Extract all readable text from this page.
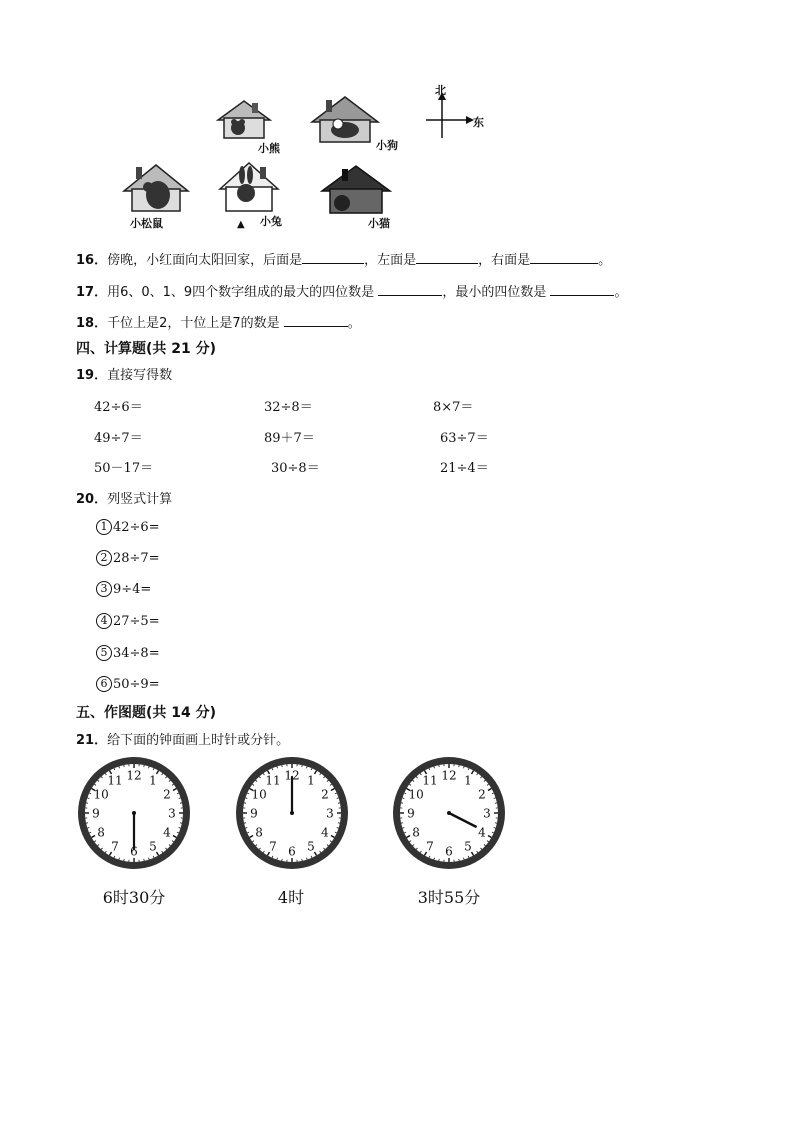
小熊	小狗
小松鼠	小兔
▲	小猫
北
东
16．傍晚，小红面向太阳回家，后面是	，左面是	，右面是	。
17．用6、0、1、9四个数字组成的最大的四位数是	，最小的四位数是	。
18．千位上是2，十位上是7的数是	。
四、计算题(共 21 分)
19．直接写得数
42÷6＝	32÷8＝	8×7＝
49÷7＝	89＋7＝	63÷7＝
50－17＝	30÷8＝	21÷4＝
20．列竖式计算
1 42÷6=
2 28÷7=
3 9÷4=
4 27÷5=
5 34÷8=
6 50÷9=
五、作图题(共 14 分)
21．给下面的钟面画上时针或分针。
12 1
2
3
4
5
6
7
8
9
10
11	12 1
2
3
4
5
6
7
8
9
10
11	12 1
2
3
4
5
6
7
8
9
10
11
6时30分	4时	3时55分
